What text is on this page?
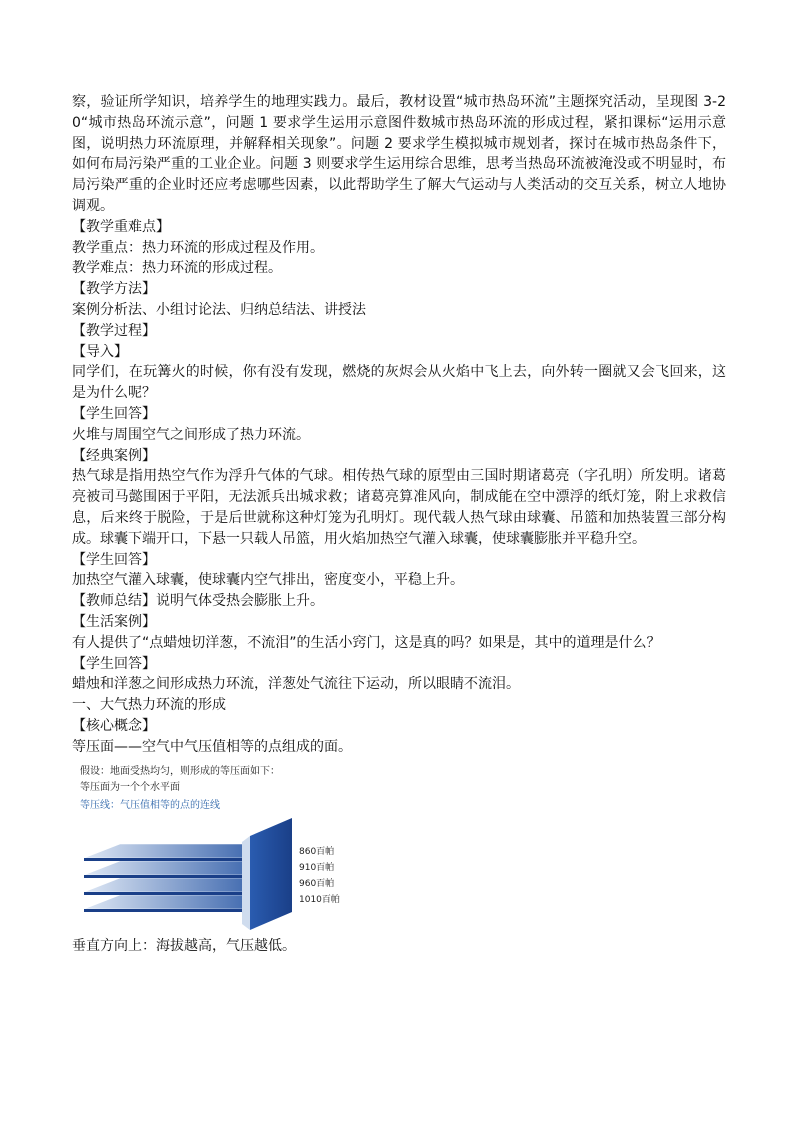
察，验证所学知识，培养学生的地理实践力。最后，教材设置“城市热岛环流”主题探究活动，呈现图 3-20“城市热岛环流示意”，问题 1 要求学生运用示意图件数城市热岛环流的形成过程，紧扣课标“运用示意图，说明热力环流原理，并解释相关现象”。问题 2 要求学生模拟城市规划者，探讨在城市热岛条件下，如何布局污染严重的工业企业。问题 3 则要求学生运用综合思维，思考当热岛环流被淹没或不明显时，布局污染严重的企业时还应考虑哪些因素，以此帮助学生了解大气运动与人类活动的交互关系，树立人地协调观。

【教学重难点】

教学重点：热力环流的形成过程及作用。

教学难点：热力环流的形成过程。

【教学方法】

案例分析法、小组讨论法、归纳总结法、讲授法

【教学过程】

【导入】

同学们，在玩篝火的时候，你有没有发现，燃烧的灰烬会从火焰中飞上去，向外转一圈就又会飞回来，这是为什么呢？

【学生回答】

火堆与周围空气之间形成了热力环流。

【经典案例】

热气球是指用热空气作为浮升气体的气球。相传热气球的原型由三国时期诸葛亮（字孔明）所发明。诸葛亮被司马懿围困于平阳，无法派兵出城求救；诸葛亮算准风向，制成能在空中漂浮的纸灯笼，附上求救信息，后来终于脱险，于是后世就称这种灯笼为孔明灯。现代载人热气球由球囊、吊篮和加热装置三部分构成。球囊下端开口，下悬一只载人吊篮，用火焰加热空气灌入球囊，使球囊膨胀并平稳升空。

【学生回答】

加热空气灌入球囊，使球囊内空气排出，密度变小，平稳上升。

【教师总结】说明气体受热会膨胀上升。

【生活案例】

有人提供了“点蜡烛切洋葱，不流泪”的生活小窍门，这是真的吗？如果是，其中的道理是什么？

【学生回答】

蜡烛和洋葱之间形成热力环流，洋葱处气流往下运动，所以眼睛不流泪。

一、大气热力环流的形成

【核心概念】

等压面——空气中气压值相等的点组成的面。

假设：地面受热均匀，则形成的等压面如下：
等压面为一个个水平面
等压线：气压值相等的点的连线
860百帕
910百帕
960百帕
1010百帕

垂直方向上：海拔越高，气压越低。
